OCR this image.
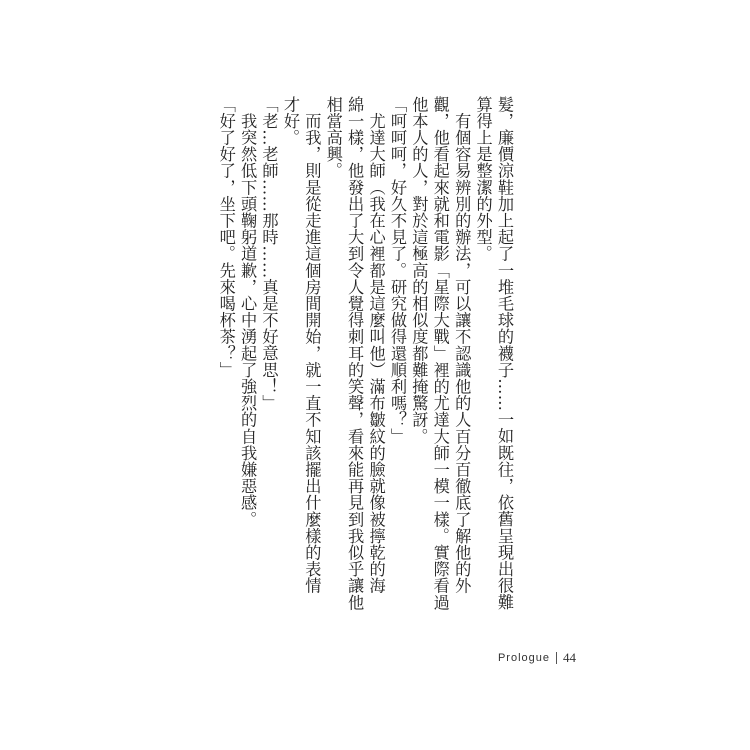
髮，廉價涼鞋加上起了一堆毛球的襪子……一如既往，依舊呈現出很難
算得上是整潔的外型。
　有個容易辨別的辦法，可以讓不認識他的人百分百徹底了解他的外
觀，他看起來就和電影「星際大戰」裡的尤達大師一模一樣。實際看過
他本人的人，對於這極高的相似度都難掩驚訝。
「呵呵呵，好久不見了。研究做得還順利嗎？」
　尤達大師（我在心裡都是這麼叫他）滿布皺紋的臉就像被擰乾的海
綿一樣，他發出了大到令人覺得刺耳的笑聲，看來能再見到我似乎讓他
相當高興。
　而我，則是從走進這個房間開始，就一直不知該擺出什麼樣的表情
才好。
「老…老師……那時……真是不好意思！」
　我突然低下頭鞠躬道歉，心中湧起了強烈的自我嫌惡感。
「好了好了，坐下吧。先來喝杯茶？」
Prologue 44
